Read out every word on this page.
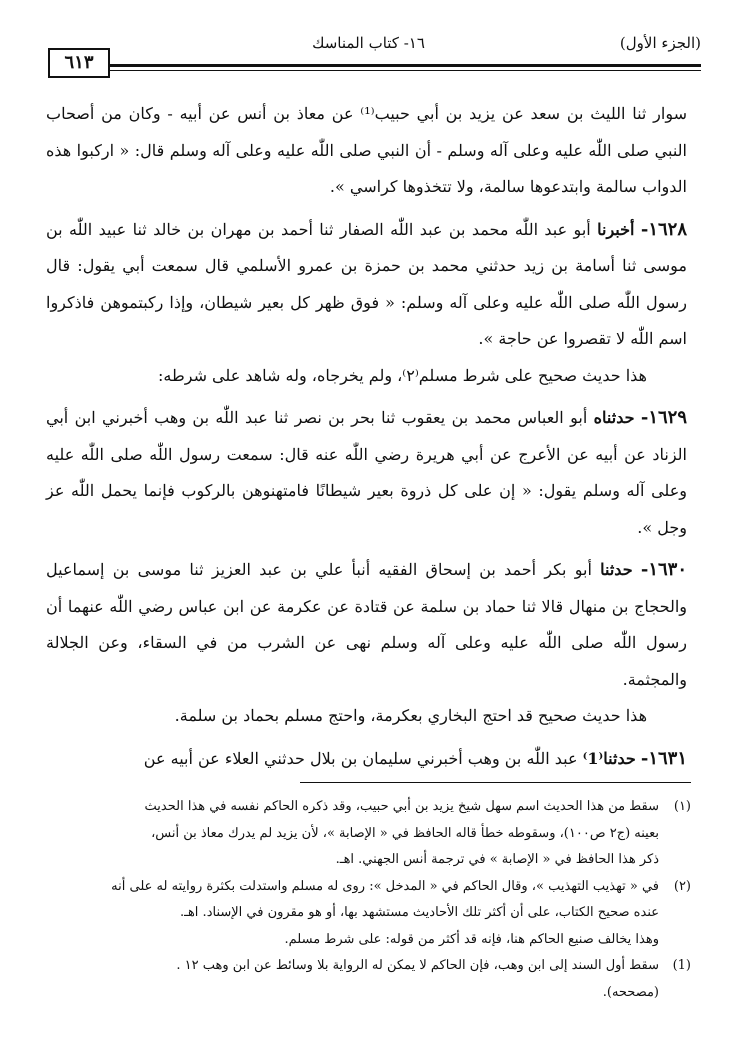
(الجزء الأول)
١٦- كتاب المناسك
٦١٣

سوار ثنا الليث بن سعد عن يزيد بن أبي حبيب⁽¹⁾ عن معاذ بن أنس عن أبيه - وكان من أصحاب النبي صلى اللّٰه عليه وعلى آله وسلم - أن النبي صلى اللّٰه عليه وعلى آله وسلم قال: « اركبوا هذه الدواب سالمة وابتدعوها سالمة، ولا تتخذوها كراسي ».

١٦٢٨- أخبرنا أبو عبد اللّٰه محمد بن عبد اللّٰه الصفار ثنا أحمد بن مهران بن خالد ثنا عبيد اللّٰه بن موسى ثنا أسامة بن زيد حدثني محمد بن حمزة بن عمرو الأسلمي قال سمعت أبي يقول: قال رسول اللّٰه صلى اللّٰه عليه وعلى آله وسلم: « فوق ظهر كل بعير شيطان، وإذا ركبتموهن فاذكروا اسم اللّٰه لا تقصروا عن حاجة ».

هذا حديث صحيح على شرط مسلم⁽٢⁾، ولم يخرجاه، وله شاهد على شرطه:

١٦٢٩- حدثناه أبو العباس محمد بن يعقوب ثنا بحر بن نصر ثنا عبد اللّٰه بن وهب أخبرني ابن أبي الزناد عن أبيه عن الأعرج عن أبي هريرة رضي اللّٰه عنه قال: سمعت رسول اللّٰه صلى اللّٰه عليه وعلى آله وسلم يقول: « إن على كل ذروة بعير شيطانًا فامتهنوهن بالركوب فإنما يحمل اللّٰه عز وجل ».

١٦٣٠- حدثنا أبو بكر أحمد بن إسحاق الفقيه أنبأ علي بن عبد العزيز ثنا موسى بن إسماعيل والحجاج بن منهال قالا ثنا حماد بن سلمة عن قتادة عن عكرمة عن ابن عباس رضي اللّٰه عنهما أن رسول اللّٰه صلى اللّٰه عليه وعلى آله وسلم نهى عن الشرب من في السقاء، وعن الجلالة والمجثمة.

هذا حديث صحيح قد احتج البخاري بعكرمة، واحتج مسلم بحماد بن سلمة.

١٦٣١- حدثنا⁽1⁾ عبد اللّٰه بن وهب أخبرني سليمان بن بلال حدثني العلاء عن أبيه عن

(١)
سقط من هذا الحديث اسم سهل شيخ يزيد بن أبي حبيب، وقد ذكره الحاكم نفسه في هذا الحديث
بعينه (ج٢ ص١٠٠)، وسقوطه خطأ قاله الحافظ في « الإصابة »، لأن يزيد لم يدرك معاذ بن أنس،
ذكر هذا الحافظ في « الإصابة » في ترجمة أنس الجهني. اهـ.
(٢)
في « تهذيب التهذيب »، وقال الحاكم في « المدخل »: روى له مسلم واستدلت بكثرة روايته له على أنه
عنده صحيح الكتاب، على أن أكثر تلك الأحاديث مستشهد بها، أو هو مقرون في الإسناد. اهـ.
وهذا يخالف صنيع الحاكم هنا، فإنه قد أكثر من قوله: على شرط مسلم.
(1)
سقط أول السند إلى ابن وهب، فإن الحاكم لا يمكن له الرواية بلا وسائط عن ابن وهب ١٢ .
(مصححه).
